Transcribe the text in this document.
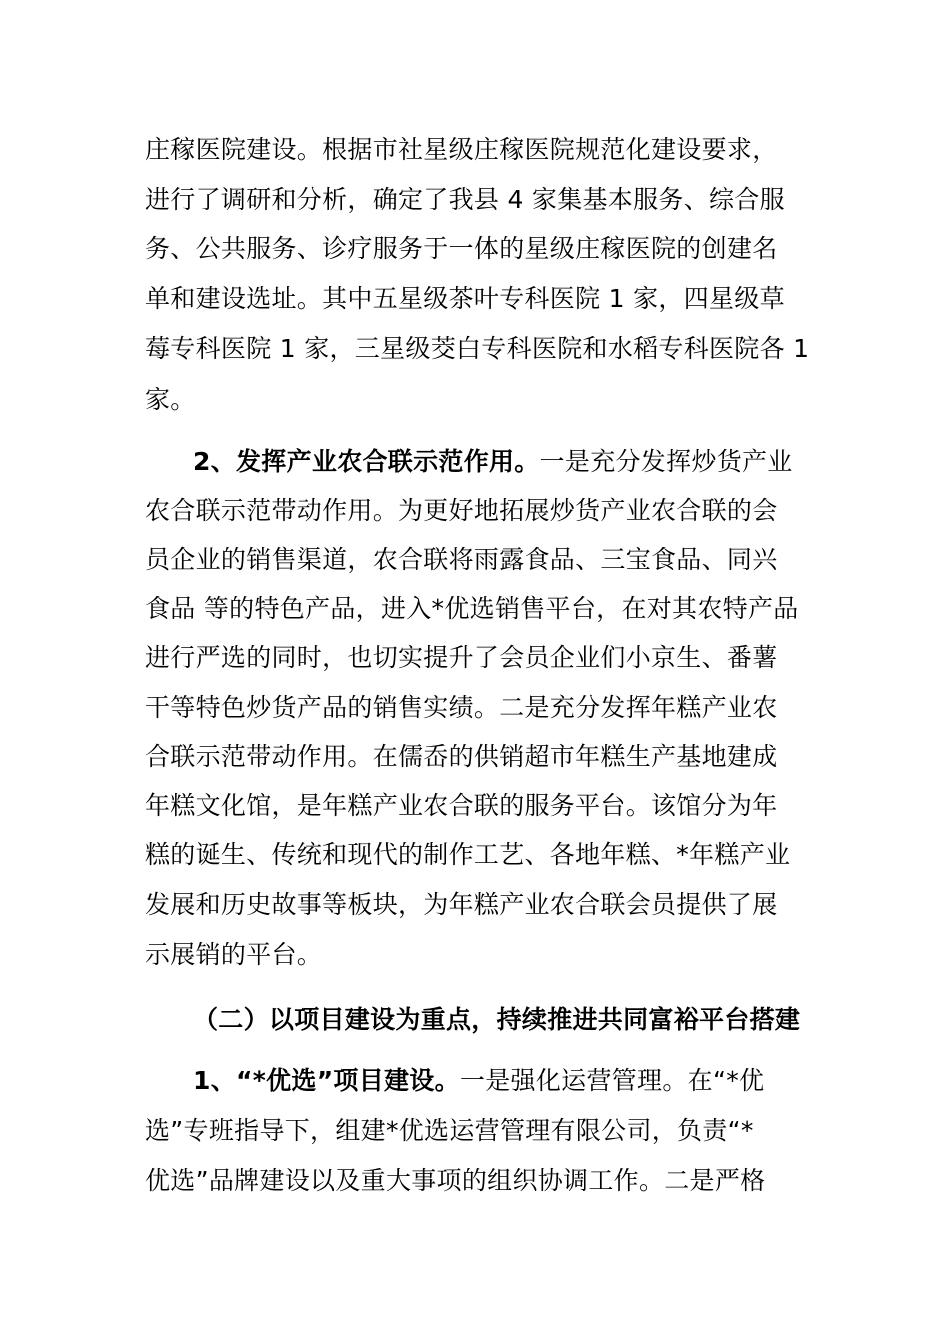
庄稼医院建设。根据市社星级庄稼医院规范化建设要求，
进行了调研和分析，确定了我县 4 家集基本服务、综合服
务、公共服务、诊疗服务于一体的星级庄稼医院的创建名
单和建设选址。其中五星级茶叶专科医院 1 家，四星级草
莓专科医院 1 家，三星级茭白专科医院和水稻专科医院各 1
家。
2、发挥产业农合联示范作用。一是充分发挥炒货产业
农合联示范带动作用。为更好地拓展炒货产业农合联的会
员企业的销售渠道，农合联将雨露食品、三宝食品、同兴
食品 等的特色产品，进入*优选销售平台，在对其农特产品
进行严选的同时，也切实提升了会员企业们小京生、番薯
干等特色炒货产品的销售实绩。二是充分发挥年糕产业农
合联示范带动作用。在儒岙的供销超市年糕生产基地建成
年糕文化馆，是年糕产业农合联的服务平台。该馆分为年
糕的诞生、传统和现代的制作工艺、各地年糕、*年糕产业
发展和历史故事等板块，为年糕产业农合联会员提供了展
示展销的平台。
（二）以项目建设为重点，持续推进共同富裕平台搭建
1、“*优选”项目建设。一是强化运营管理。在“*优
选”专班指导下，组建*优选运营管理有限公司，负责“*
优选”品牌建设以及重大事项的组织协调工作。二是严格
